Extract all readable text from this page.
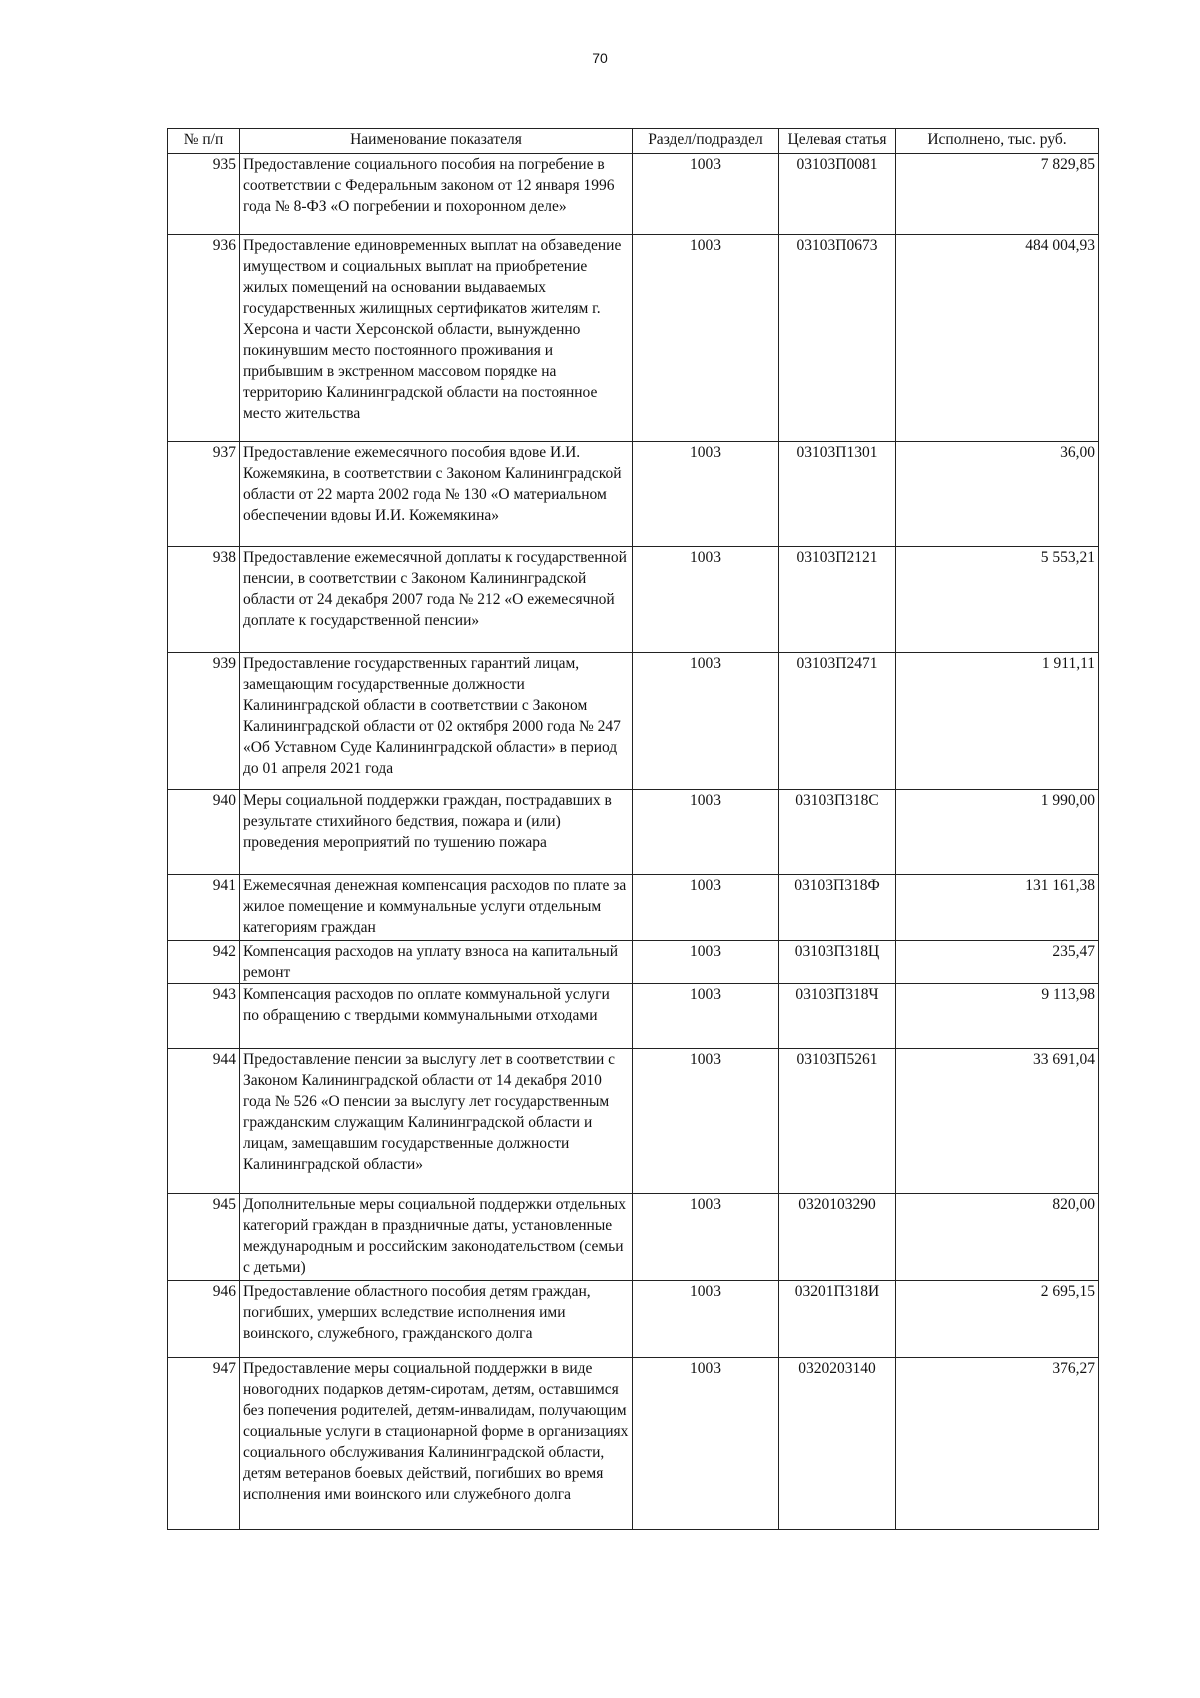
70
№ п/п	Наименование показателя	Раздел/подраздел	Целевая статья	Исполнено, тыс. руб.
935	Предоставление социального пособия на погребение в соответствии с Федеральным законом от 12 января 1996 года № 8-ФЗ «О погребении и похоронном деле»	1003	03103П0081	7 829,85
936	Предоставление единовременных выплат на обзаведение имуществом и социальных выплат на приобретение жилых помещений на основании выдаваемых государственных жилищных сертификатов жителям г. Херсона и части Херсонской области, вынужденно покинувшим место постоянного проживания и прибывшим в экстренном массовом порядке на территорию Калининградской области на постоянное место жительства	1003	03103П0673	484 004,93
937	Предоставление ежемесячного пособия вдове И.И. Кожемякина, в соответствии с Законом Калининградской области от 22 марта 2002 года № 130 «О материальном обеспечении вдовы И.И. Кожемякина»	1003	03103П1301	36,00
938	Предоставление ежемесячной доплаты к государственной пенсии, в соответствии с Законом Калининградской области от 24 декабря 2007 года № 212 «О ежемесячной доплате к государственной пенсии»	1003	03103П2121	5 553,21
939	Предоставление государственных гарантий лицам, замещающим государственные должности Калининградской области в соответствии с Законом Калининградской области от 02 октября 2000 года № 247 «Об Уставном Суде Калининградской области» в период до 01 апреля 2021 года	1003	03103П2471	1 911,11
940	Меры социальной поддержки граждан, пострадавших в результате стихийного бедствия, пожара и (или) проведения мероприятий по тушению пожара	1003	03103П318С	1 990,00
941	Ежемесячная денежная компенсация расходов по плате за жилое помещение и коммунальные услуги отдельным категориям граждан	1003	03103П318Ф	131 161,38
942	Компенсация расходов на уплату взноса на капитальный ремонт	1003	03103П318Ц	235,47
943	Компенсация расходов по оплате коммунальной услуги по обращению с твердыми коммунальными отходами	1003	03103П318Ч	9 113,98
944	Предоставление пенсии за выслугу лет в соответствии с Законом Калининградской области от 14 декабря 2010 года № 526 «О пенсии за выслугу лет государственным гражданским служащим Калининградской области и лицам, замещавшим государственные должности Калининградской области»	1003	03103П5261	33 691,04
945	Дополнительные меры социальной поддержки отдельных категорий граждан в праздничные даты, установленные международным и российским законодательством (семьи с детьми)	1003	0320103290	820,00
946	Предоставление областного пособия детям граждан, погибших, умерших вследствие исполнения ими воинского, служебного, гражданского долга	1003	03201П318И	2 695,15
947	Предоставление меры социальной поддержки в виде новогодних подарков детям-сиротам, детям, оставшимся без попечения родителей, детям-инвалидам, получающим социальные услуги в стационарной форме в организациях социального обслуживания Калининградской области, детям ветеранов боевых действий, погибших во время исполнения ими воинского или служебного долга	1003	0320203140	376,27
